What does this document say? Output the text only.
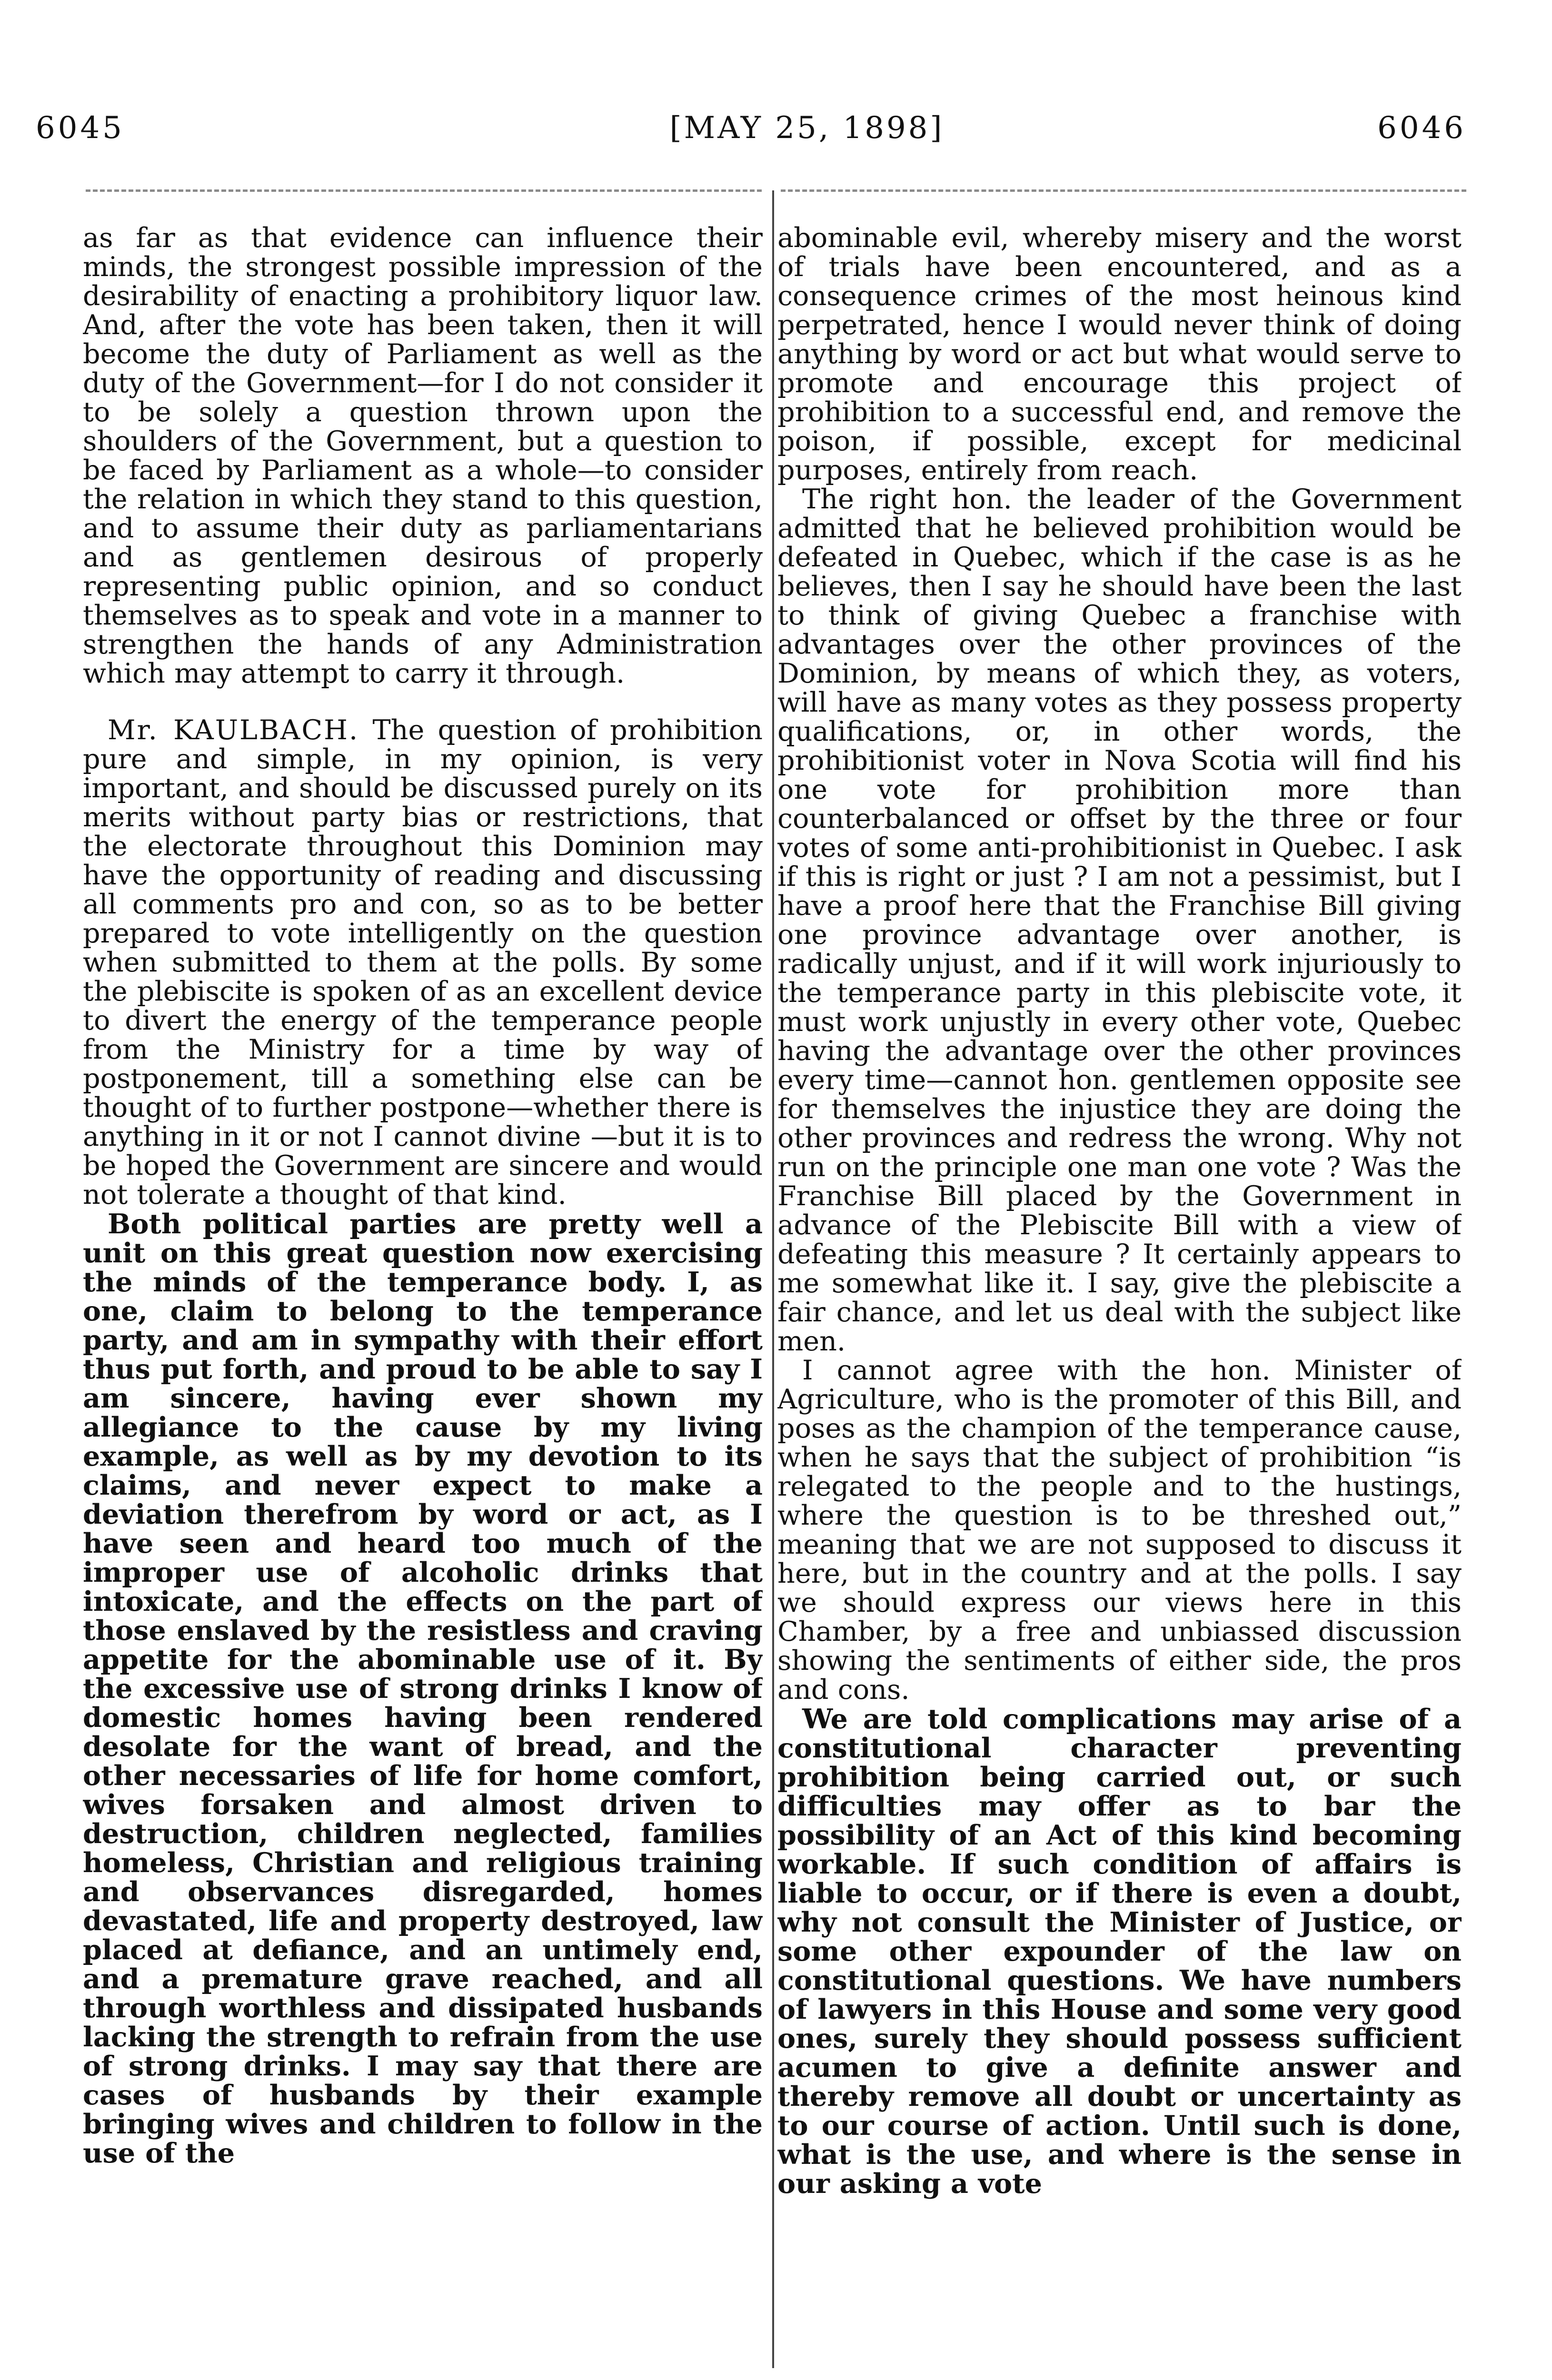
6045	[MAY 25, 1898]	6046

as far as that evidence can influence their minds, the strongest possible impression of the desirability of enacting a prohibitory liquor law. And, after the vote has been taken, then it will become the duty of Parliament as well as the duty of the Government—for I do not consider it to be solely a question thrown upon the shoulders of the Government, but a question to be faced by Parliament as a whole—to consider the relation in which they stand to this question, and to assume their duty as parliamentarians and as gentlemen desirous of properly representing public opinion, and so conduct themselves as to speak and vote in a manner to strengthen the hands of any Administration which may attempt to carry it through.

Mr. KAULBACH. The question of prohibition pure and simple, in my opinion, is very important, and should be discussed purely on its merits without party bias or restrictions, that the electorate throughout this Dominion may have the opportunity of reading and discussing all comments pro and con, so as to be better prepared to vote intelligently on the question when submitted to them at the polls. By some the plebiscite is spoken of as an excellent device to divert the energy of the temperance people from the Ministry for a time by way of postponement, till a something else can be thought of to further postpone—whether there is anything in it or not I cannot divine —but it is to be hoped the Government are sincere and would not tolerate a thought of that kind.

Both political parties are pretty well a unit on this great question now exercising the minds of the temperance body. I, as one, claim to belong to the temperance party, and am in sympathy with their effort thus put forth, and proud to be able to say I am sincere, having ever shown my allegiance to the cause by my living example, as well as by my devotion to its claims, and never expect to make a deviation therefrom by word or act, as I have seen and heard too much of the improper use of alcoholic drinks that intoxicate, and the effects on the part of those enslaved by the resistless and craving appetite for the abominable use of it. By the excessive use of strong drinks I know of domestic homes having been rendered desolate for the want of bread, and the other necessaries of life for home comfort, wives forsaken and almost driven to destruction, children neglected, families homeless, Christian and religious training and observances disregarded, homes devastated, life and property destroyed, law placed at defiance, and an untimely end, and a premature grave reached, and all through worthless and dissipated husbands lacking the strength to refrain from the use of strong drinks. I may say that there are cases of husbands by their example bringing wives and children to follow in the use of the

abominable evil, whereby misery and the worst of trials have been encountered, and as a consequence crimes of the most heinous kind perpetrated, hence I would never think of doing anything by word or act but what would serve to promote and encourage this project of prohibition to a successful end, and remove the poison, if possible, except for medicinal purposes, entirely from reach.

The right hon. the leader of the Government admitted that he believed prohibition would be defeated in Quebec, which if the case is as he believes, then I say he should have been the last to think of giving Quebec a franchise with advantages over the other provinces of the Dominion, by means of which they, as voters, will have as many votes as they possess property qualifications, or, in other words, the prohibitionist voter in Nova Scotia will find his one vote for prohibition more than counterbalanced or offset by the three or four votes of some anti-prohibitionist in Quebec. I ask if this is right or just ? I am not a pessimist, but I have a proof here that the Franchise Bill giving one province advantage over another, is radically unjust, and if it will work injuriously to the temperance party in this plebiscite vote, it must work unjustly in every other vote, Quebec having the advantage over the other provinces every time—cannot hon. gentlemen opposite see for themselves the injustice they are doing the other provinces and redress the wrong. Why not run on the principle one man one vote ? Was the Franchise Bill placed by the Government in advance of the Plebiscite Bill with a view of defeating this measure ? It certainly appears to me somewhat like it. I say, give the plebiscite a fair chance, and let us deal with the subject like men.

I cannot agree with the hon. Minister of Agriculture, who is the promoter of this Bill, and poses as the champion of the temperance cause, when he says that the subject of prohibition “is relegated to the people and to the hustings, where the question is to be threshed out,” meaning that we are not supposed to discuss it here, but in the country and at the polls. I say we should express our views here in this Chamber, by a free and unbiassed discussion showing the sentiments of either side, the pros and cons.

We are told complications may arise of a constitutional character preventing prohibition being carried out, or such difficulties may offer as to bar the possibility of an Act of this kind becoming workable. If such condition of affairs is liable to occur, or if there is even a doubt, why not consult the Minister of Justice, or some other expounder of the law on constitutional questions. We have numbers of lawyers in this House and some very good ones, surely they should possess sufficient acumen to give a definite answer and thereby remove all doubt or uncertainty as to our course of action. Until such is done, what is the use, and where is the sense in our asking a vote
